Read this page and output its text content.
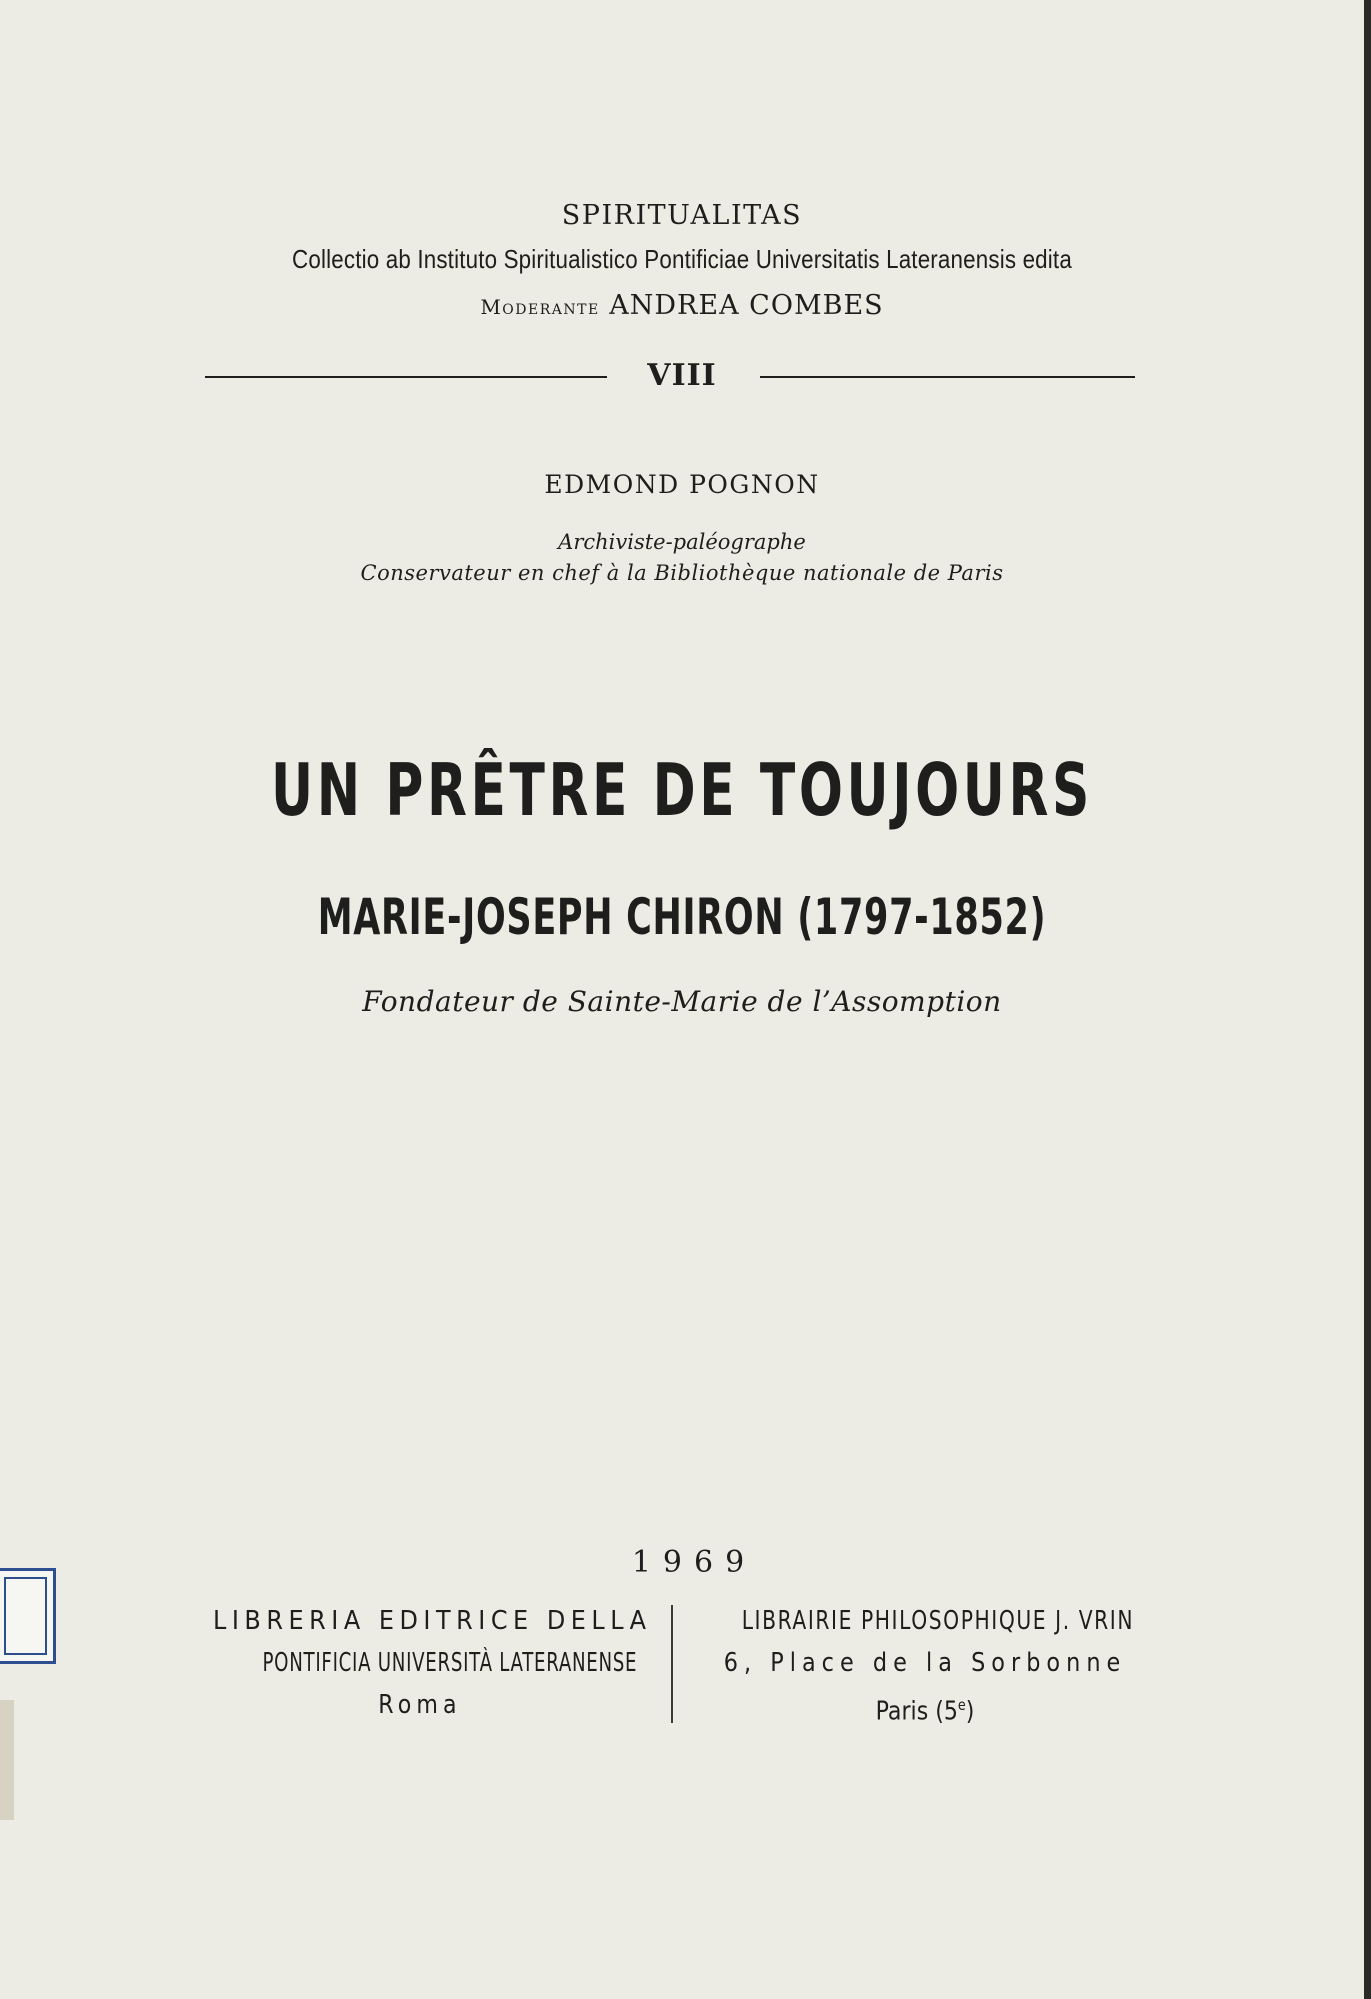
SPIRITUALITAS
Collectio ab Instituto Spiritualistico Pontificiae Universitatis Lateranensis edita
Moderante ANDREA COMBES
VIII
EDMOND POGNON
Archiviste-paléographe
Conservateur en chef à la Bibliothèque nationale de Paris
UN PRÊTRE DE TOUJOURS
MARIE-JOSEPH CHIRON (1797-1852)
Fondateur de Sainte-Marie de l’Assomption
1969
LIBRERIA EDITRICE DELLA
PONTIFICIA UNIVERSITÀ LATERANENSE
Roma
LIBRAIRIE PHILOSOPHIQUE J. VRIN
6, Place de la Sorbonne
Paris (5e)
